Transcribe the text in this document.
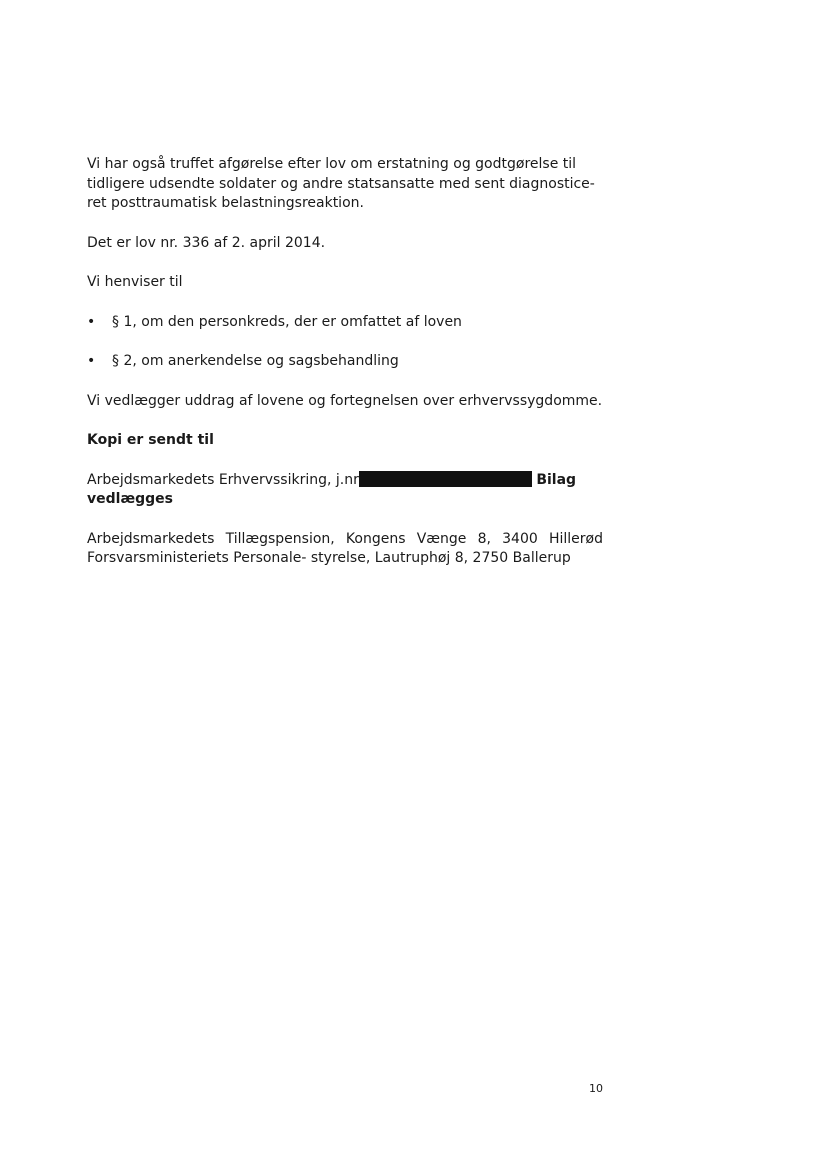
Vi har også truffet afgørelse efter lov om erstatning og godtgørelse til
tidligere udsendte soldater og andre statsansatte med sent diagnostice-
ret posttraumatisk belastningsreaktion.

Det er lov nr. 336 af 2. april 2014.

Vi henviser til

• § 1, om den personkreds, der er omfattet af loven
• § 2, om anerkendelse og sagsbehandling

Vi vedlægger uddrag af lovene og fortegnelsen over erhvervssygdomme.

Kopi er sendt til

Arbejdsmarkedets Erhvervssikring, j.nr	Bilag
vedlægges

Arbejdsmarkedets Tillægspension, Kongens Vænge 8, 3400 Hillerød

Forsvarsministeriets Personale- styrelse, Lautruphøj 8, 2750 Ballerup

10
